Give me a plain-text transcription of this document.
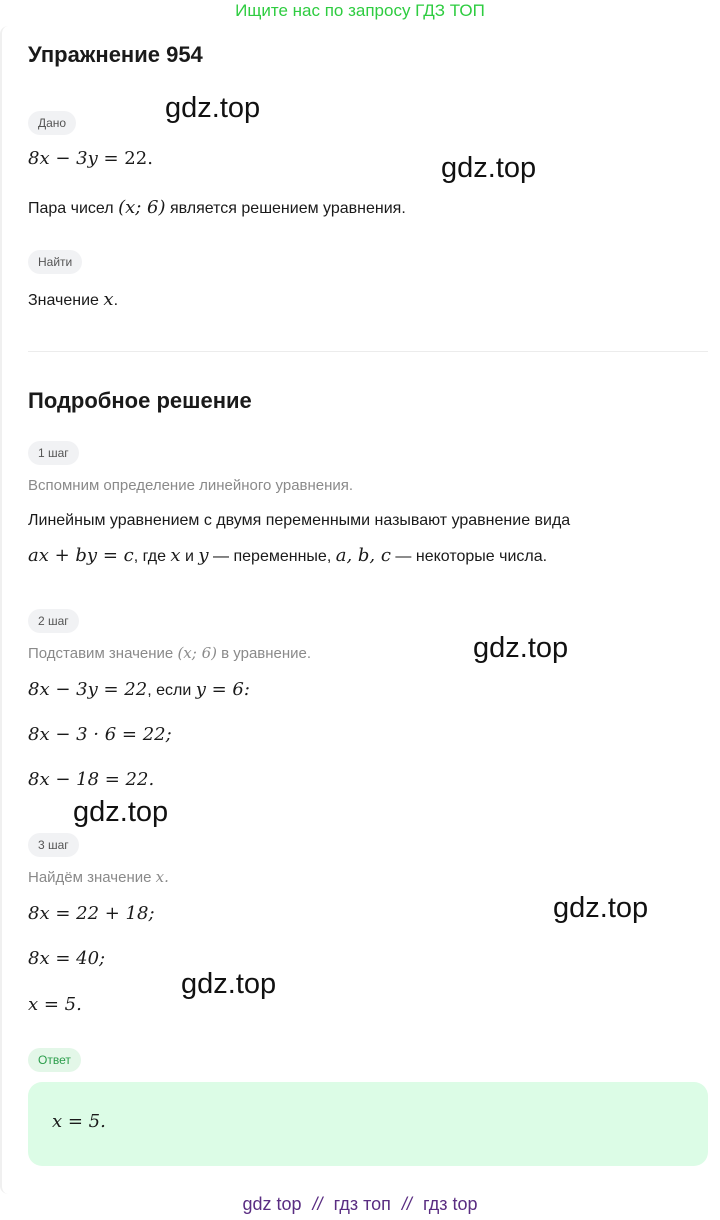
Ищите нас по запросу ГДЗ ТОП
Упражнение 954
Дано
8x − 3y = 22.
Пара чисел (x; 6) является решением уравнения.
Найти
Значение x.
Подробное решение
1 шаг
Вспомним определение линейного уравнения.
Линейным уравнением с двумя переменными называют уравнение вида
ax + by = c, где x и y — переменные, a, b, c — некоторые числа.
2 шаг
Подставим значение (x; 6) в уравнение.
8x − 3y = 22, если y = 6:
8x − 3 · 6 = 22;
8x − 18 = 22.
3 шаг
Найдём значение x.
8x = 22 + 18;
8x = 40;
x = 5.
Ответ
x = 5.
gdz.top
gdz.top
gdz.top
gdz.top
gdz.top
gdz.top
gdz top // гдз топ // гдз top
